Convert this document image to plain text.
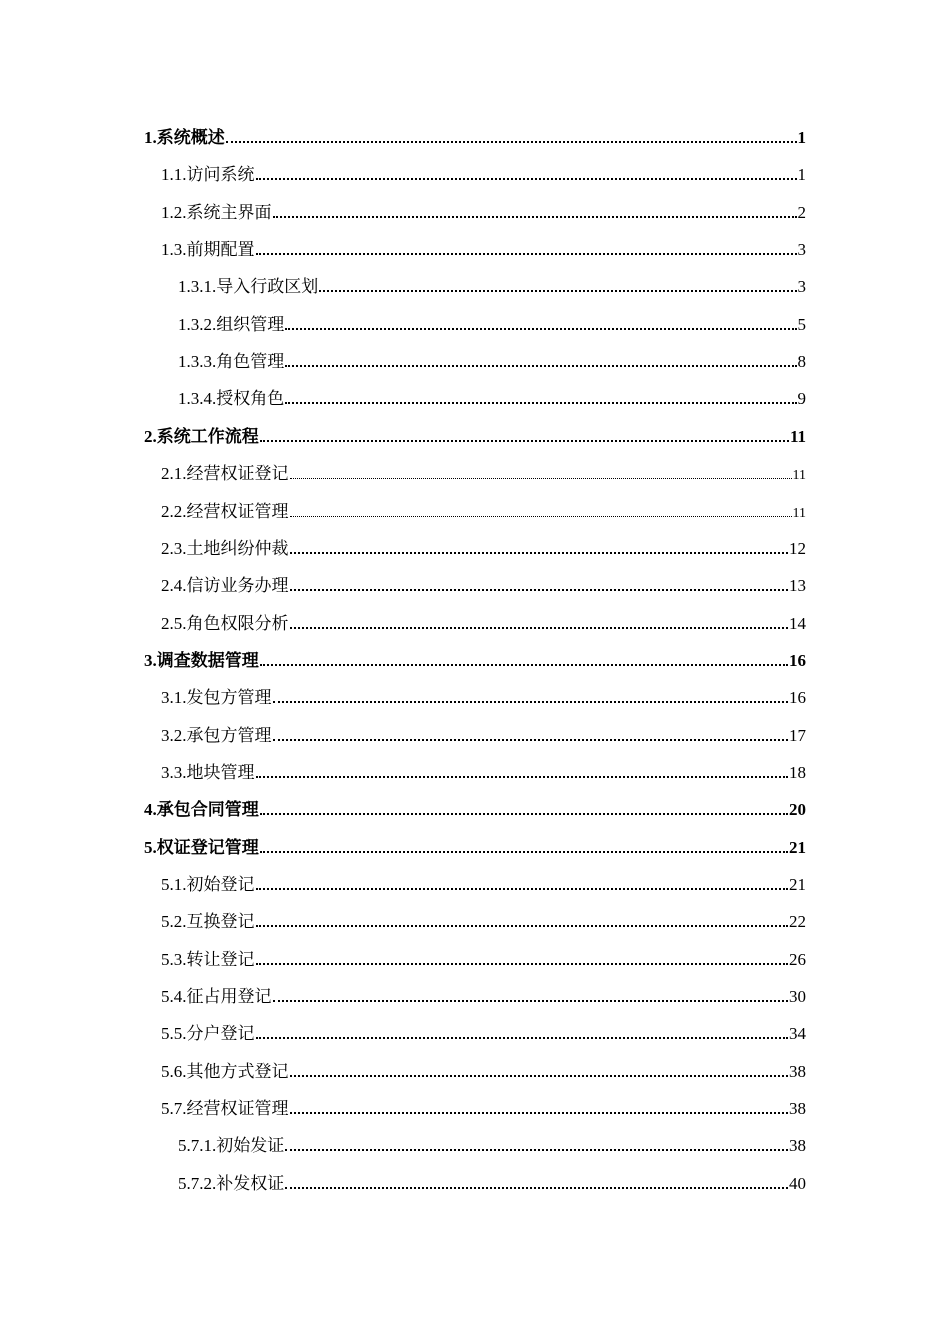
1.系统概述	1
1.1.访问系统	1
1.2.系统主界面	2
1.3.前期配置	3
1.3.1.导入行政区划	3
1.3.2.组织管理	5
1.3.3.角色管理	8
1.3.4.授权角色	9
2.系统工作流程	11
2.1.经营权证登记	11
2.2.经营权证管理	11
2.3.土地纠纷仲裁	12
2.4.信访业务办理	13
2.5.角色权限分析	14
3.调查数据管理	16
3.1.发包方管理	16
3.2.承包方管理	17
3.3.地块管理	18
4.承包合同管理	20
5.权证登记管理	21
5.1.初始登记	21
5.2.互换登记	22
5.3.转让登记	26
5.4.征占用登记	30
5.5.分户登记	34
5.6.其他方式登记	38
5.7.经营权证管理	38
5.7.1.初始发证	38
5.7.2.补发权证	40
